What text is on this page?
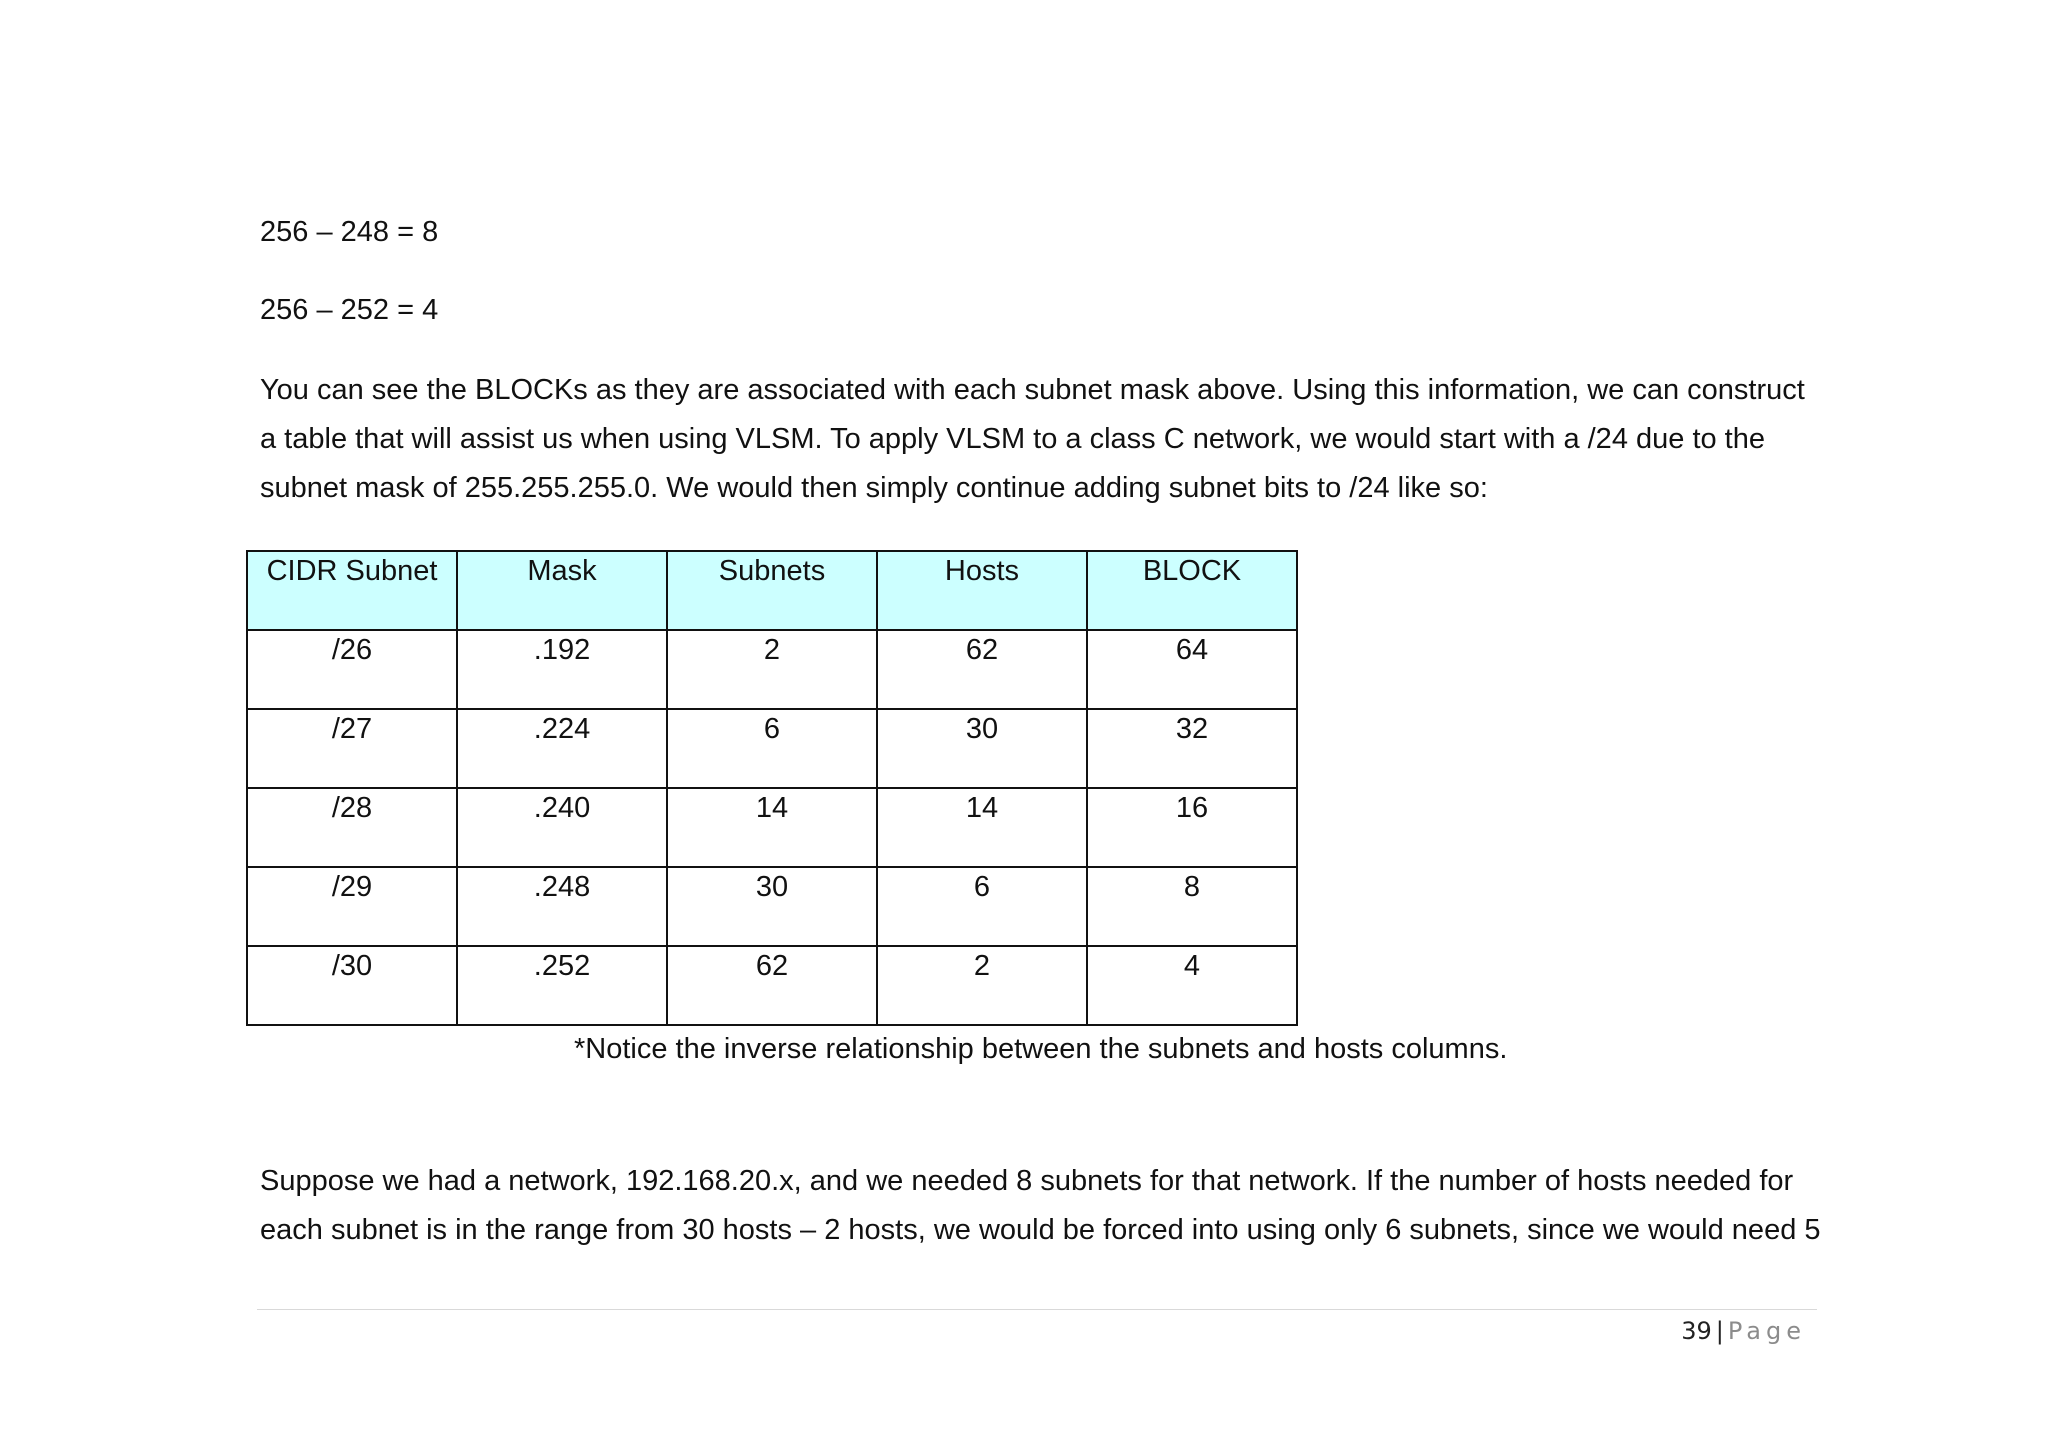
256 – 248 = 8
256 – 252 = 4
You can see the BLOCKs as they are associated with each subnet mask above. Using this information, we can construct
a table that will assist us when using VLSM. To apply VLSM to a class C network, we would start with a /24 due to the
subnet mask of 255.255.255.0. We would then simply continue adding subnet bits to /24 like so:
CIDR Subnet	Mask	Subnets	Hosts	BLOCK
/26	.192	2	62	64
/27	.224	6	30	32
/28	.240	14	14	16
/29	.248	30	6	8
/30	.252	62	2	4
*Notice the inverse relationship between the subnets and hosts columns.
Suppose we had a network, 192.168.20.x, and we needed 8 subnets for that network. If the number of hosts needed for
each subnet is in the range from 30 hosts – 2 hosts, we would be forced into using only 6 subnets, since we would need 5
39 | Page
